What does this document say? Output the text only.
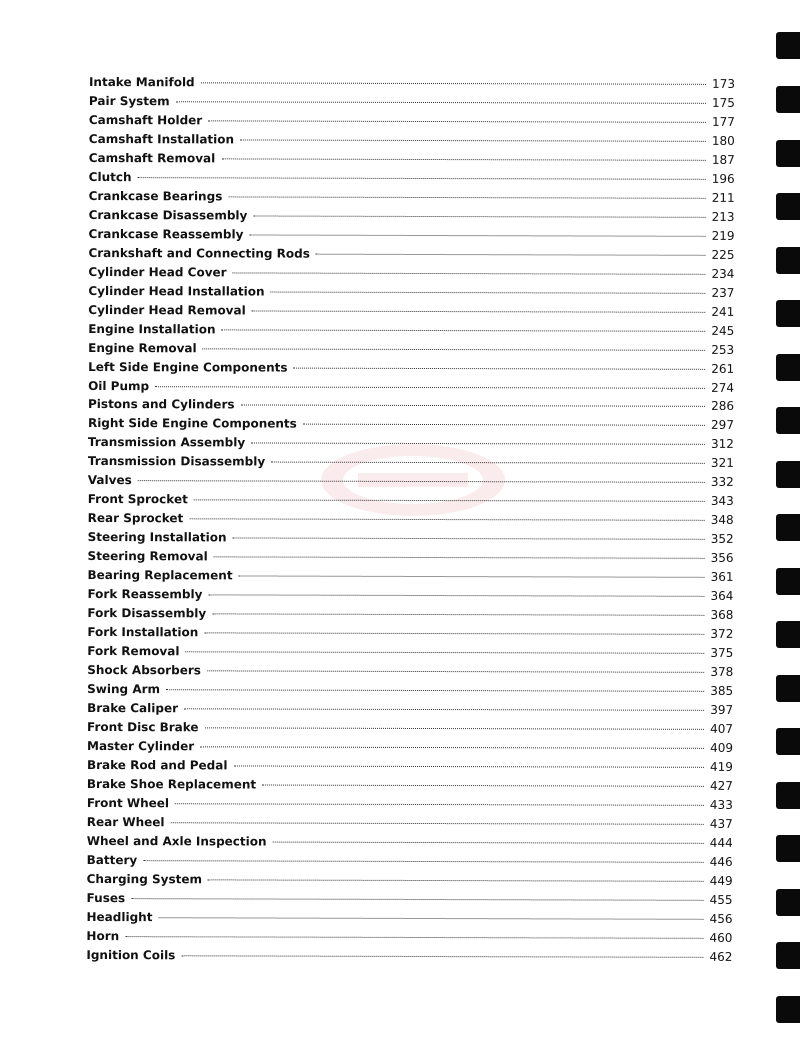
Intake Manifold	173
Pair System	175
Camshaft Holder	177
Camshaft Installation	180
Camshaft Removal	187
Clutch	196
Crankcase Bearings	211
Crankcase Disassembly	213
Crankcase Reassembly	219
Crankshaft and Connecting Rods	225
Cylinder Head Cover	234
Cylinder Head Installation	237
Cylinder Head Removal	241
Engine Installation	245
Engine Removal	253
Left Side Engine Components	261
Oil Pump	274
Pistons and Cylinders	286
Right Side Engine Components	297
Transmission Assembly	312
Transmission Disassembly	321
Valves	332
Front Sprocket	343
Rear Sprocket	348
Steering Installation	352
Steering Removal	356
Bearing Replacement	361
Fork Reassembly	364
Fork Disassembly	368
Fork Installation	372
Fork Removal	375
Shock Absorbers	378
Swing Arm	385
Brake Caliper	397
Front Disc Brake	407
Master Cylinder	409
Brake Rod and Pedal	419
Brake Shoe Replacement	427
Front Wheel	433
Rear Wheel	437
Wheel and Axle Inspection	444
Battery	446
Charging System	449
Fuses	455
Headlight	456
Horn	460
Ignition Coils	462
